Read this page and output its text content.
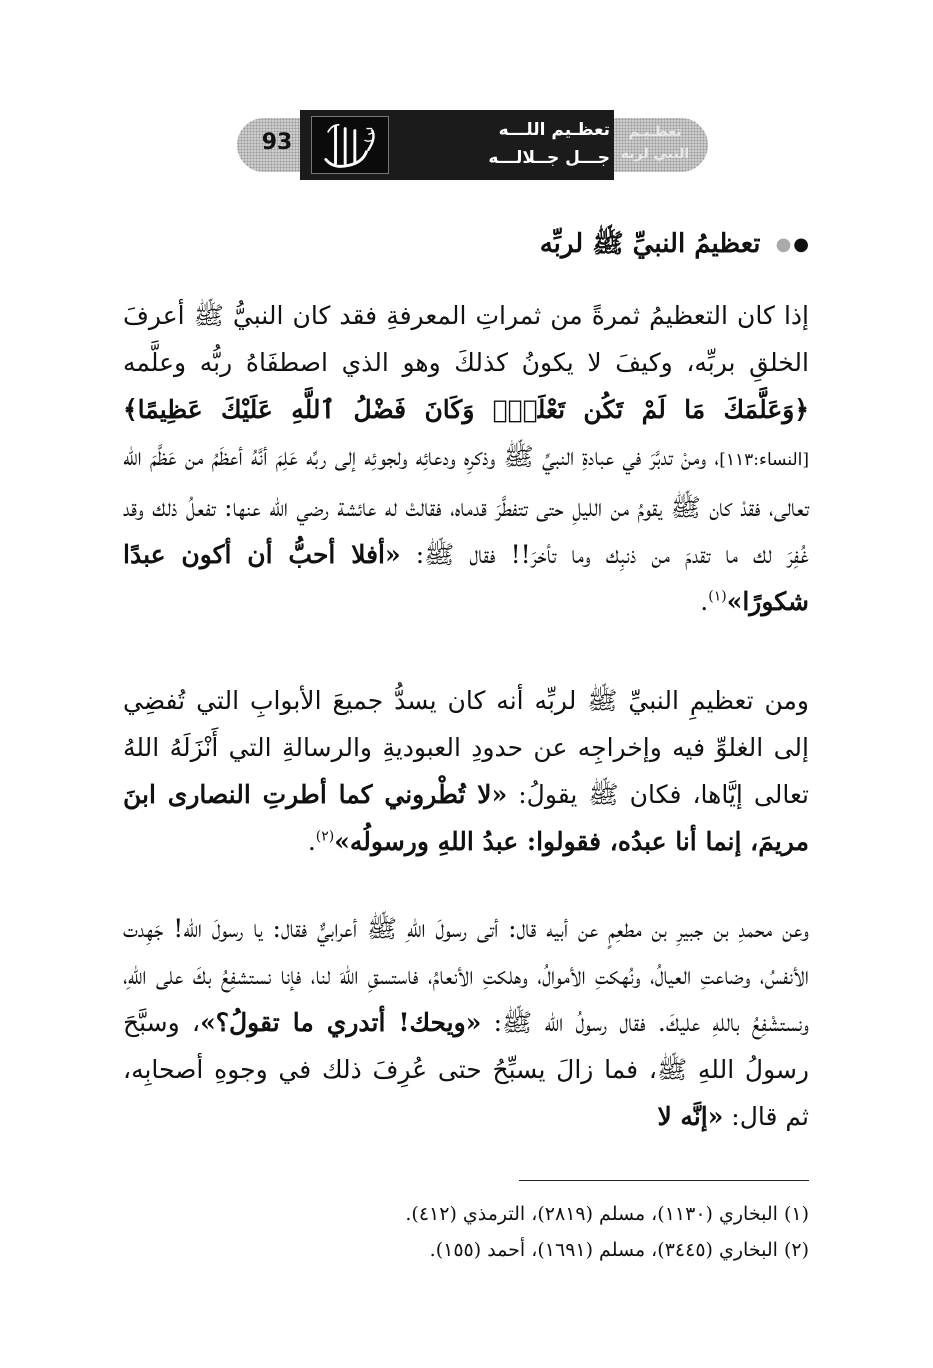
93	تعظـيم اللـــه
جـــل جــلالـــه
تعظـيـم
النبي لربه
●● تعظيمُ النبيِّ ﷺ لربِّه

إذا كان التعظيمُ ثمرةً من ثمراتِ المعرفةِ فقد كان النبيُّ ﷺ أعرفَ الخلقِ بربِّه، وكيفَ لا يكونُ كذلكَ وهو الذي اصطفَاهُ ربُّه وعلَّمه ﴿وَعَلَّمَكَ مَا لَمْ تَكُن تَعْلَمُۚ وَكَانَ فَضْلُ ٱللَّهِ عَلَيْكَ عَظِيمًا﴾ [النساء:١١٣]، ومنْ تدبَّرَ في عبادةِ النبيِّ ﷺ وذكرِه ودعائِه ولجوئِه إلى ربِّه عَلِمَ أنَّهُ أعظَمُ من عَظَّمَ الله تعالى، فقدْ كان ﷺ يقومُ من الليلِ حتى تتفطَّرَ قدماه، فقالتْ له عائشة رضي الله عنها: تفعلُ ذلك وقد غُفِرَ لك ما تقدمَ من ذنبِك وما تأخرَ!! فقال ﷺ: «أفلا أحبُّ أن أكون عبدًا شكورًا»$^{(١)}$.

ومن تعظيمِ النبيِّ ﷺ لربِّه أنه كان يسدُّ جميعَ الأبوابِ التي تُفضِي إلى الغلوِّ فيه وإخراجِه عن حدودِ العبوديةِ والرسالةِ التي أَنْزَلَهُ اللهُ تعالى إيَّاها، فكان ﷺ يقولُ: «لا تُطْروني كما أطرتِ النصارى ابنَ مريمَ، إنما أنا عبدُه، فقولوا: عبدُ اللهِ ورسولُه»$^{(٢)}$.

وعن محمدِ بن جبيرِ بن مطعِمٍ عن أبيه قال: أتى رسولَ اللهِ ﷺ أعرابيٌّ فقال: يا رسولَ الله! جَهِدت الأنفسُ، وضاعتِ العيالُ، ونُهكتِ الأموالُ، وهلكتِ الأنعامُ، فاستسقِ اللهَ لنا، فإنا نستشفِعُ بكَ على اللهِ، ونستشْفِعُ باللهِ عليكَ. فقال رسولُ الله ﷺ: «ويحك! أتدري ما تقولُ؟»، وسبَّحَ رسولُ اللهِ ﷺ، فما زالَ يسبِّحُ حتى عُرِفَ ذلك في وجوهِ أصحابِه، ثم قال: «إنَّه لا

(١) البخاري (١١٣٠)، مسلم (٢٨١٩)، الترمذي (٤١٢).
(٢) البخاري (٣٤٤٥)، مسلم (١٦٩١)، أحمد (١٥٥).
